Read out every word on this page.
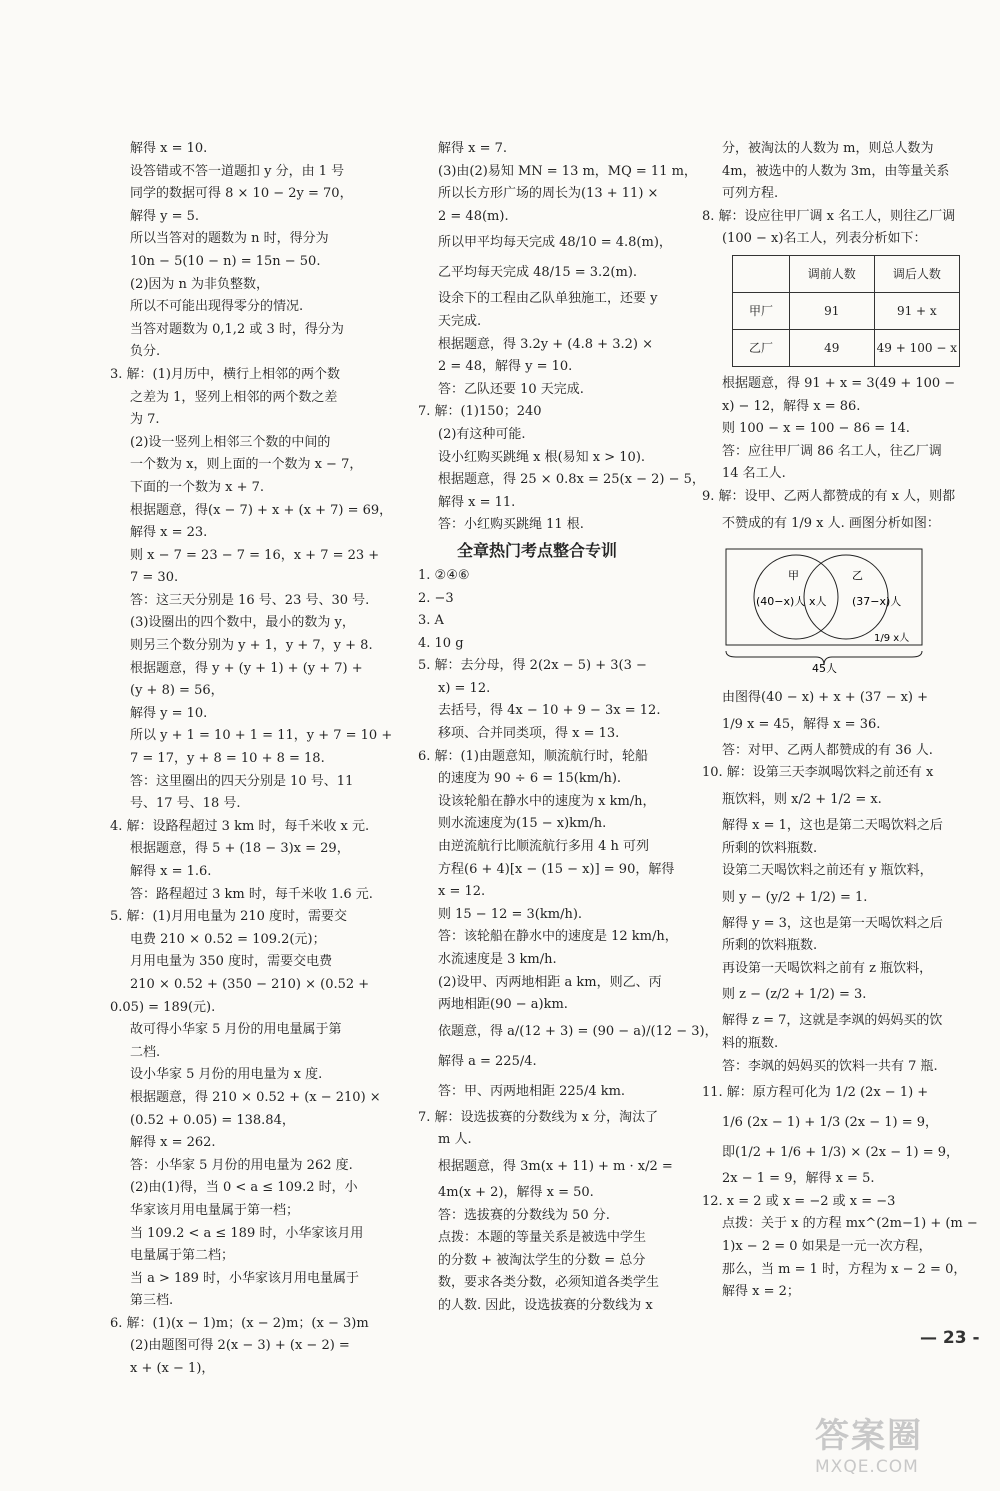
解得 x = 10.
设答错或不答一道题扣 y 分，由 1 号
同学的数据可得 8 × 10 − 2y = 70，
解得 y = 5.
所以当答对的题数为 n 时，得分为
10n − 5(10 − n) = 15n − 50.
(2)因为 n 为非负整数，
所以不可能出现得零分的情况.
当答对题数为 0,1,2 或 3 时，得分为
负分.
3. 解：(1)月历中，横行上相邻的两个数
之差为 1，竖列上相邻的两个数之差
为 7.
(2)设一竖列上相邻三个数的中间的
一个数为 x，则上面的一个数为 x − 7，
下面的一个数为 x + 7.
根据题意，得(x − 7) + x + (x + 7) = 69，
解得 x = 23.
则 x − 7 = 23 − 7 = 16，x + 7 = 23 +
7 = 30.
答：这三天分别是 16 号、23 号、30 号.
(3)设圈出的四个数中，最小的数为 y，
则另三个数分别为 y + 1，y + 7，y + 8.
根据题意，得 y + (y + 1) + (y + 7) +
(y + 8) = 56，
解得 y = 10.
所以 y + 1 = 10 + 1 = 11，y + 7 = 10 +
7 = 17，y + 8 = 10 + 8 = 18.
答：这里圈出的四天分别是 10 号、11
号、17 号、18 号.
4. 解：设路程超过 3 km 时，每千米收 x 元.
根据题意，得 5 + (18 − 3)x = 29，
解得 x = 1.6.
答：路程超过 3 km 时，每千米收 1.6 元.
5. 解：(1)月用电量为 210 度时，需要交
电费 210 × 0.52 = 109.2(元)；
月用电量为 350 度时，需要交电费
210 × 0.52 + (350 − 210) × (0.52 +
0.05) = 189(元).
故可得小华家 5 月份的用电量属于第
二档.
设小华家 5 月份的用电量为 x 度.
根据题意，得 210 × 0.52 + (x − 210) ×
(0.52 + 0.05) = 138.84，
解得 x = 262.
答：小华家 5 月份的用电量为 262 度.
(2)由(1)得，当 0 < a ≤ 109.2 时，小
华家该月用电量属于第一档；
当 109.2 < a ≤ 189 时，小华家该月用
电量属于第二档；
当 a > 189 时，小华家该月用电量属于
第三档.
6. 解：(1)(x − 1)m；(x − 2)m；(x − 3)m
(2)由题图可得 2(x − 3) + (x − 2) =
x + (x − 1)，
解得 x = 7.
(3)由(2)易知 MN = 13 m，MQ = 11 m，
所以长方形广场的周长为(13 + 11) ×
2 = 48(m).
所以甲平均每天完成 48/10 = 4.8(m)，
乙平均每天完成 48/15 = 3.2(m).
设余下的工程由乙队单独施工，还要 y
天完成.
根据题意，得 3.2y + (4.8 + 3.2) ×
2 = 48，解得 y = 10.
答：乙队还要 10 天完成.
7. 解：(1)150；240
(2)有这种可能.
设小红购买跳绳 x 根(易知 x > 10).
根据题意，得 25 × 0.8x = 25(x − 2) − 5，
解得 x = 11.
答：小红购买跳绳 11 根.
全章热门考点整合专训
1. ②④⑥
2. −3
3. A
4. 10 g
5. 解：去分母，得 2(2x − 5) + 3(3 −
x) = 12.
去括号，得 4x − 10 + 9 − 3x = 12.
移项、合并同类项，得 x = 13.
6. 解：(1)由题意知，顺流航行时，轮船
的速度为 90 ÷ 6 = 15(km/h).
设该轮船在静水中的速度为 x km/h，
则水流速度为(15 − x)km/h.
由逆流航行比顺流航行多用 4 h 可列
方程(6 + 4)[x − (15 − x)] = 90，解得
x = 12.
则 15 − 12 = 3(km/h).
答：该轮船在静水中的速度是 12 km/h，
水流速度是 3 km/h.
(2)设甲、丙两地相距 a km，则乙、丙
两地相距(90 − a)km.
依题意，得 a/(12 + 3) = (90 − a)/(12 − 3)，
解得 a = 225/4.
答：甲、丙两地相距 225/4 km.
7. 解：设选拔赛的分数线为 x 分，淘汰了
m 人.
根据题意，得 3m(x + 11) + m · x/2 =
4m(x + 2)，解得 x = 50.
答：选拔赛的分数线为 50 分.
点拨：本题的等量关系是被选中学生
的分数 + 被淘汰学生的分数 = 总分
数，要求各类分数，必须知道各类学生
的人数. 因此，设选拔赛的分数线为 x
分，被淘汰的人数为 m，则总人数为
4m，被选中的人数为 3m，由等量关系
可列方程.
8. 解：设应往甲厂调 x 名工人，则往乙厂调
(100 − x)名工人，列表分析如下：
	调前人数	调后人数
甲厂	91	91 + x
乙厂	49	49 + 100 − x
根据题意，得 91 + x = 3(49 + 100 −
x) − 12，解得 x = 86.
则 100 − x = 100 − 86 = 14.
答：应往甲厂调 86 名工人，往乙厂调
14 名工人.
9. 解：设甲、乙两人都赞成的有 x 人，则都
不赞成的有 1/9 x 人. 画图分析如图：
甲	乙
(40−x)人 x人 (37−x)人
1/9 x人
45人
由图得(40 − x) + x + (37 − x) +
1/9 x = 45，解得 x = 36.
答：对甲、乙两人都赞成的有 36 人.
10. 解：设第三天李飒喝饮料之前还有 x
瓶饮料，则 x/2 + 1/2 = x.
解得 x = 1，这也是第二天喝饮料之后
所剩的饮料瓶数.
设第二天喝饮料之前还有 y 瓶饮料，
则 y − (y/2 + 1/2) = 1.
解得 y = 3，这也是第一天喝饮料之后
所剩的饮料瓶数.
再设第一天喝饮料之前有 z 瓶饮料，
则 z − (z/2 + 1/2) = 3.
解得 z = 7，这就是李飒的妈妈买的饮
料的瓶数.
答：李飒的妈妈买的饮料一共有 7 瓶.
11. 解：原方程可化为 1/2 (2x − 1) +
1/6 (2x − 1) + 1/3 (2x − 1) = 9，
即(1/2 + 1/6 + 1/3) × (2x − 1) = 9，
2x − 1 = 9，解得 x = 5.
12. x = 2 或 x = −2 或 x = −3
点拨：关于 x 的方程 mx^(2m−1) + (m −
1)x − 2 = 0 如果是一元一次方程，
那么，当 m = 1 时，方程为 x − 2 = 0，
解得 x = 2；
— 23 -
答案圈
MXQE.COM
